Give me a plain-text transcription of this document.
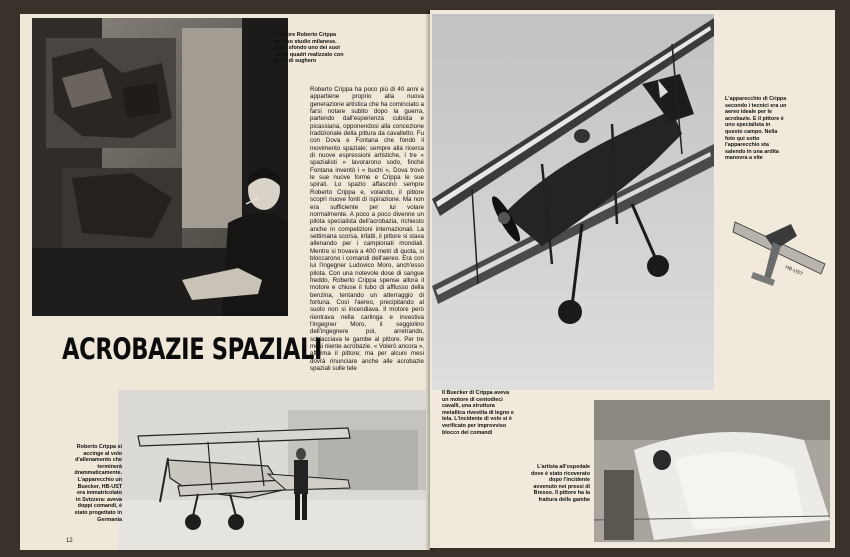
Il pittore Roberto Crippa nel suo studio milanese. Sullo sfondo uno dei suoi ultimi quadri realizzato con pezzi di sughero
Roberto Crippa ha poco più di 40 anni e appartiene proprio alla nuova generazione artistica che ha cominciato a farsi notare subito dopo la guerra, partendo dall'esperienza cubista e picassiana, opponendosi alla concezione tradizionale della pittura da cavalletto. Fu con Dova e Fontana che fondò il movimento spaziale; sempre alla ricerca di nuove espressioni artistiche, i tre « spazialisti » lavorarono sodo, finché Fontana inventò i « buchi », Dova trovò le sue nuove forme e Crippa le sue spirali. Lo spazio affascinò sempre Roberto Crippa e, volando, il pittore scoprì nuove fonti di ispirazione. Ma non era sufficiente per lui volare normalmente. A poco a poco divenne un pilota specialista dell'acrobazia, richiesto anche in competizioni internazionali. La settimana scorsa, infatti, il pittore si stava allenando per i campionati mondiali. Mentre si trovava a 400 metri di quota, si bloccarono i comandi dell'aereo. Era con lui l'ingegner Ludovico Moro, anch'esso pilota. Con una notevole dose di sangue freddo, Roberto Crippa spense allora il motore e chiuse il tubo di afflusso della benzina, tentando un atterraggio di fortuna. Così l'aereo, precipitando al suolo non si incendiava. Il motore però rientrava nella carlinga e investiva l'ingegner Moro, il seggiolino dell'ingegnere poi, arretrando, schiacciava le gambe al pittore. Per tre mesi niente acrobazie. « Volerò ancora », afferma il pittore; ma per alcuni mesi dovrà rinunciare anche alle acrobazie spaziali sulle tele
ACROBAZIE SPAZIALI
Roberto Crippa si accinge al volo d'allenamento che terminerà drammaticamente. L'apparecchio un Buecker, HB-UST era immatricolato in Svizzera: aveva doppi comandi, è stato progettato in Germania
12
L'apparecchio di Crippa secondo i tecnici era un aereo ideale per le acrobazie. E il pittore è uno specialista in questo campo. Nella foto qui sotto l'apparecchio sta salendo in una ardita manovra a vite
HB-UST
Il Buecker di Crippa aveva un motore di centodieci cavalli, una struttura metallica rivestita di legno e tela. L'incidente di volo si è verificato per improvviso blocco dei comandi
L'artista all'ospedale dove è stato ricoverato dopo l'incidente avvenuto nei pressi di Bresso. Il pittore ha la frattura delle gambe
